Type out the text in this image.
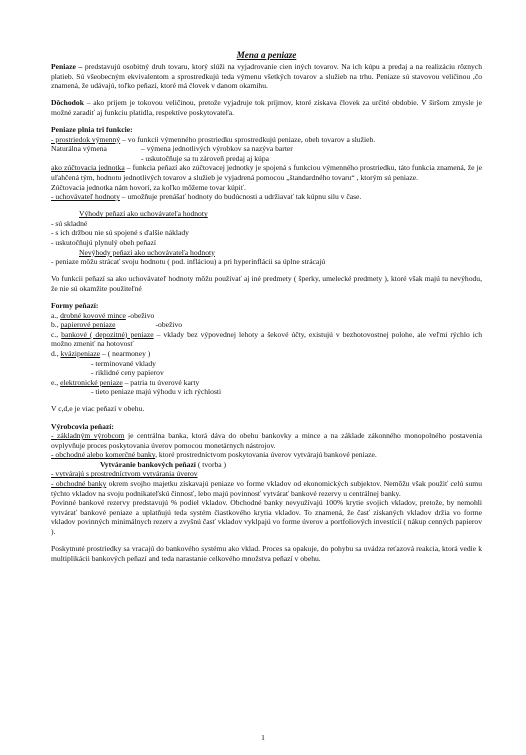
Mena a peniaze

Peniaze – predstavujú osobitný druh tovaru, ktorý slúži na vyjadrovanie cien iných tovarov. Na ich kúpu a predaj a na realizáciu rôznych platieb. Sú všeobecným ekvivalentom a sprostredkujú teda výmenu všetkých tovarov a služieb na trhu. Peniaze sú stavovou veličinou ,čo znamená, že udávajú, toľko peňazí, ktoré má človek v danom okamihu.

Dôchodok – ako príjem je tokovou veličinou, pretože vyjadruje tok príjmov, ktoré získava človek za určité obdobie. V širšom zmysle je možné zaradiť aj funkciu platidla, respektíve poskytovateľa.

Peniaze plnia tri funkcie:

- prostriedok výmenný – vo funkcii výmenného prostriedku sprostredkujú peniaze, obeh tovarov a služieb.

Naturálna výmena	– výmena jednotlivých výrobkov sa nazýva barter

- uskutočňuje sa tu zároveň predaj aj kúpa

ako zúčtovacia jednotka – funkcia peňazí ako zúčtovacej jednotky je spojená s funkciou výmenného prostriedku, táto funkcia znamená, že je uľahčená tým, hodnotu jednotlivých tovarov a služieb je vyjadrená pomocou „štandardného tovaru“ , ktorým sú peniaze.

Zúčtovacia jednotka nám hovorí, za koľko môžeme tovar kúpiť.

- uchovávateľ hodnoty – umožňuje prenášať hodnoty do budúcnosti a udržiavať tak kúpnu silu v čase.

Výhody peňazí ako uchovávateľa hodnoty

- sú skladné

- s ich držbou nie sú spojené s ďalšie náklady

- uskutočňujú plynulý obeh peňazí

Nevýhody peňazí ako uchovávateľa hodnoty

- peniaze môžu strácať svoju hodnotu ( pod. infláciou) a pri hyperinflácii sa úplne strácajú

Vo funkcii peňazí sa ako uchovávateľ hodnoty môžu používať aj iné predmety ( šperky, umelecké predmety ), ktoré však majú tu nevýhodu, že nie sú okamžite použiteľné

Formy peňazí:

a., drobné kovové mince -obeživo

b., papierové peniaze	-obeživo

c., bankové ( depozitné) peniaze – vklady bez výpovednej lehoty a šekové účty, existujú v bezhotovostnej polohe, ale veľmi rýchlo ich možno zmeniť na hotovosť

d., kvázipeniaze – ( nearmoney )

- terminované vklady

- riklidné ceny papierov

e., elektronické peniaze – patria tu úverové karty

- tieto peniaze majú výhodu v ich rýchlosti

V c,d,e je viac peňazí v obehu.

Výrobcovia peňazí:

- základným výrobcom je centrálna banka, ktorá dáva do obehu bankovky a mince a na základe zákonného monopolného postavenia ovplyvňuje proces poskytovania úverov pomocou monetárnych nástrojov.

- obchodné alebo komerčné banky, ktoré prostredníctvom poskytovania úverov vytvárajú bankové peniaze.

Vytváranie bankových peňazí ( tvorba )

- vytvárajú s prostredníctvom vytvárania úverov

- obchodné banky okrem svojho majetku získavajú peniaze vo forme vkladov od ekonomických subjektov. Nemôžu však použiť celú sumu týchto vkladov na svoju podnikateľskú činnosť, lebo majú povinnosť vytvárať bankové rezervy u centrálnej banky.

Povinné bankové rezervy predstavujú % podiel vkladov. Obchodné banky nevyužívajú 100% krytie svojich vkladov, pretože, by nemohli vytvárať bankové peniaze a uplatňujú teda systém čiastkového krytia vkladov. To znamená, že časť získaných vkladov držia vo forme vkladov povinných minimálnych rezerv a zvyšnú časť vkladov vyklpajú vo forme úverov a portfoliových investícií ( nákup cenných papierov ).

Poskytnuté prostriedky sa vracajú do bankového systému ako vklad. Proces sa opakuje, do pohybu sa uvádza reťazová reakcia, ktorá vedie k multiplikácii bankových peňazí and teda narastanie celkového množstva peňazí v obehu.

1
